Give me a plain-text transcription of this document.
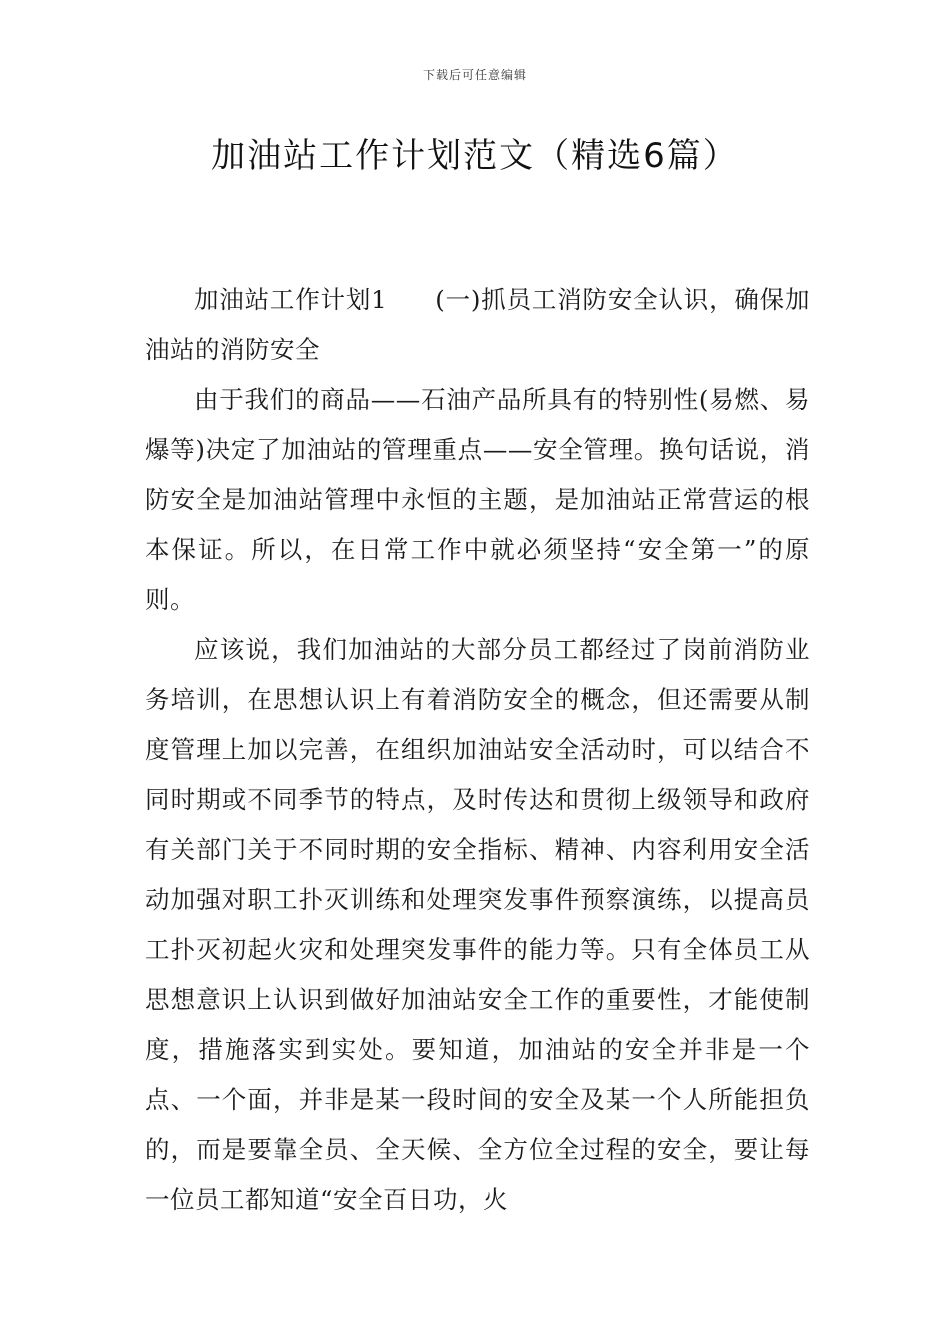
下载后可任意编辑
加油站工作计划范文（精选6篇）

加油站工作计划1 (一)抓员工消防安全认识，确保加油站的消防安全

由于我们的商品——石油产品所具有的特别性(易燃、易爆等)决定了加油站的管理重点——安全管理。换句话说，消防安全是加油站管理中永恒的主题，是加油站正常营运的根本保证。所以，在日常工作中就必须坚持“安全第一”的原则。

应该说，我们加油站的大部分员工都经过了岗前消防业务培训，在思想认识上有着消防安全的概念，但还需要从制度管理上加以完善，在组织加油站安全活动时，可以结合不同时期或不同季节的特点，及时传达和贯彻上级领导和政府有关部门关于不同时期的安全指标、精神、内容利用安全活动加强对职工扑灭训练和处理突发事件预察演练，以提高员工扑灭初起火灾和处理突发事件的能力等。只有全体员工从思想意识上认识到做好加油站安全工作的重要性，才能使制度，措施落实到实处。要知道，加油站的安全并非是一个点、一个面，并非是某一段时间的安全及某一个人所能担负的，而是要靠全员、全天候、全方位全过程的安全，要让每一位员工都知道“安全百日功，火
